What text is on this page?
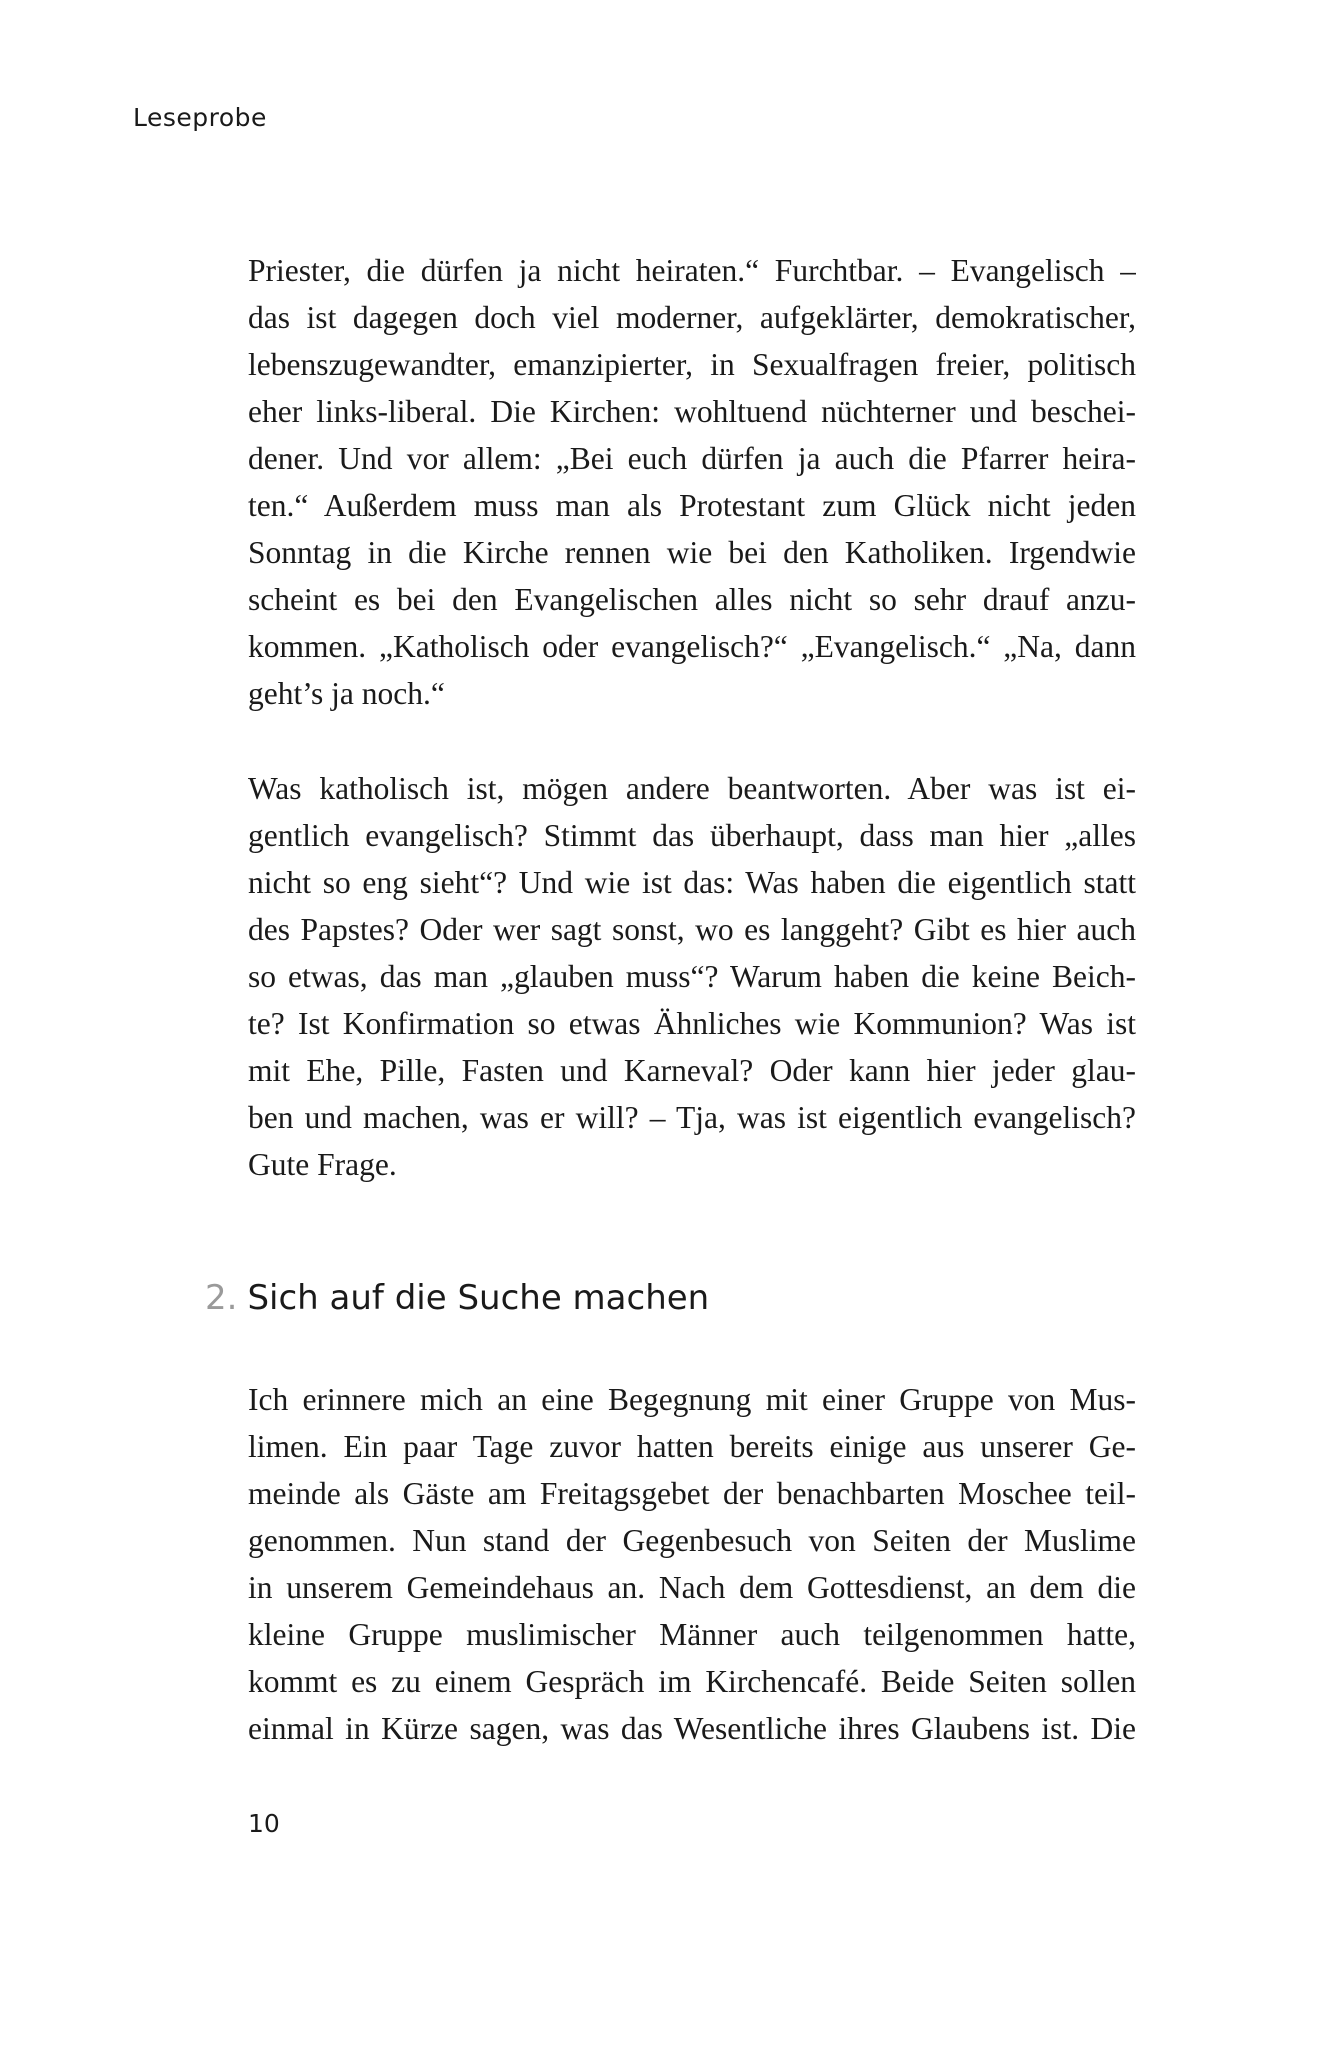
Leseprobe

Priester, die dürfen ja nicht heiraten.“ Furchtbar. – Evangelisch –
das ist dagegen doch viel moderner, aufgeklärter, demokratischer,
lebenszugewandter, emanzipierter, in Sexualfragen freier, politisch
eher links-liberal. Die Kirchen: wohltuend nüchterner und beschei-
dener. Und vor allem: „Bei euch dürfen ja auch die Pfarrer heira-
ten.“ Außerdem muss man als Protestant zum Glück nicht jeden
Sonntag in die Kirche rennen wie bei den Katholiken. Irgendwie
scheint es bei den Evangelischen alles nicht so sehr drauf anzu-
kommen. „Katholisch oder evangelisch?“ „Evangelisch.“ „Na, dann
geht’s ja noch.“

Was katholisch ist, mögen andere beantworten. Aber was ist ei-
gentlich evangelisch? Stimmt das überhaupt, dass man hier „alles
nicht so eng sieht“? Und wie ist das: Was haben die eigentlich statt
des Papstes? Oder wer sagt sonst, wo es langgeht? Gibt es hier auch
so etwas, das man „glauben muss“? Warum haben die keine Beich-
te? Ist Konfirmation so etwas Ähnliches wie Kommunion? Was ist
mit Ehe, Pille, Fasten und Karneval? Oder kann hier jeder glau-
ben und machen, was er will? – Tja, was ist eigentlich evangelisch?
Gute Frage.

2. Sich auf die Suche machen

Ich erinnere mich an eine Begegnung mit einer Gruppe von Mus-
limen. Ein paar Tage zuvor hatten bereits einige aus unserer Ge-
meinde als Gäste am Freitagsgebet der benachbarten Moschee teil-
genommen. Nun stand der Gegenbesuch von Seiten der Muslime
in unserem Gemeindehaus an. Nach dem Gottesdienst, an dem die
kleine Gruppe muslimischer Männer auch teilgenommen hatte,
kommt es zu einem Gespräch im Kirchencafé. Beide Seiten sollen
einmal in Kürze sagen, was das Wesentliche ihres Glaubens ist. Die

10
